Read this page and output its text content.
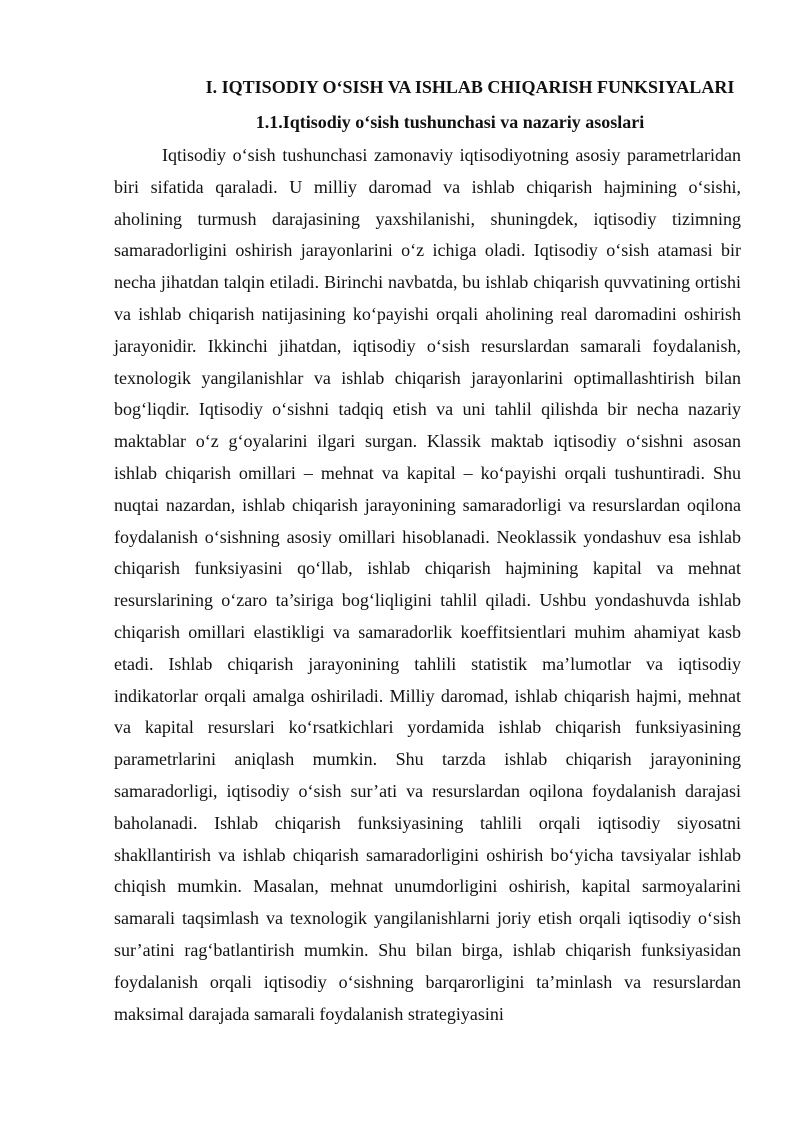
I. IQTISODIY O‘SISH VA ISHLAB CHIQARISH FUNKSIYALARI
1.1.Iqtisodiy o‘sish tushunchasi va nazariy asoslari

Iqtisodiy o‘sish tushunchasi zamonaviy iqtisodiyotning asosiy parametrlaridan biri sifatida qaraladi. U milliy daromad va ishlab chiqarish hajmining o‘sishi, aholining turmush darajasining yaxshilanishi, shuningdek, iqtisodiy tizimning samaradorligini oshirish jarayonlarini o‘z ichiga oladi. Iqtisodiy o‘sish atamasi bir necha jihatdan talqin etiladi. Birinchi navbatda, bu ishlab chiqarish quvvatining ortishi va ishlab chiqarish natijasining ko‘payishi orqali aholining real daromadini oshirish jarayonidir. Ikkinchi jihatdan, iqtisodiy o‘sish resurslardan samarali foydalanish, texnologik yangilanishlar va ishlab chiqarish jarayonlarini optimallashtirish bilan bog‘liqdir. Iqtisodiy o‘sishni tadqiq etish va uni tahlil qilishda bir necha nazariy maktablar o‘z g‘oyalarini ilgari surgan. Klassik maktab iqtisodiy o‘sishni asosan ishlab chiqarish omillari – mehnat va kapital – ko‘payishi orqali tushuntiradi. Shu nuqtai nazardan, ishlab chiqarish jarayonining samaradorligi va resurslardan oqilona foydalanish o‘sishning asosiy omillari hisoblanadi. Neoklassik yondashuv esa ishlab chiqarish funksiyasini qo‘llab, ishlab chiqarish hajmining kapital va mehnat resurslarining o‘zaro ta’siriga bog‘liqligini tahlil qiladi. Ushbu yondashuvda ishlab chiqarish omillari elastikligi va samaradorlik koeffitsientlari muhim ahamiyat kasb etadi. Ishlab chiqarish jarayonining tahlili statistik ma’lumotlar va iqtisodiy indikatorlar orqali amalga oshiriladi. Milliy daromad, ishlab chiqarish hajmi, mehnat va kapital resurslari ko‘rsatkichlari yordamida ishlab chiqarish funksiyasining parametrlarini aniqlash mumkin. Shu tarzda ishlab chiqarish jarayonining samaradorligi, iqtisodiy o‘sish sur’ati va resurslardan oqilona foydalanish darajasi baholanadi. Ishlab chiqarish funksiyasining tahlili orqali iqtisodiy siyosatni shakllantirish va ishlab chiqarish samaradorligini oshirish bo‘yicha tavsiyalar ishlab chiqish mumkin. Masalan, mehnat unumdorligini oshirish, kapital sarmoyalarini samarali taqsimlash va texnologik yangilanishlarni joriy etish orqali iqtisodiy o‘sish sur’atini rag‘batlantirish mumkin. Shu bilan birga, ishlab chiqarish funksiyasidan foydalanish orqali iqtisodiy o‘sishning barqarorligini ta’minlash va resurslardan maksimal darajada samarali foydalanish strategiyasini
